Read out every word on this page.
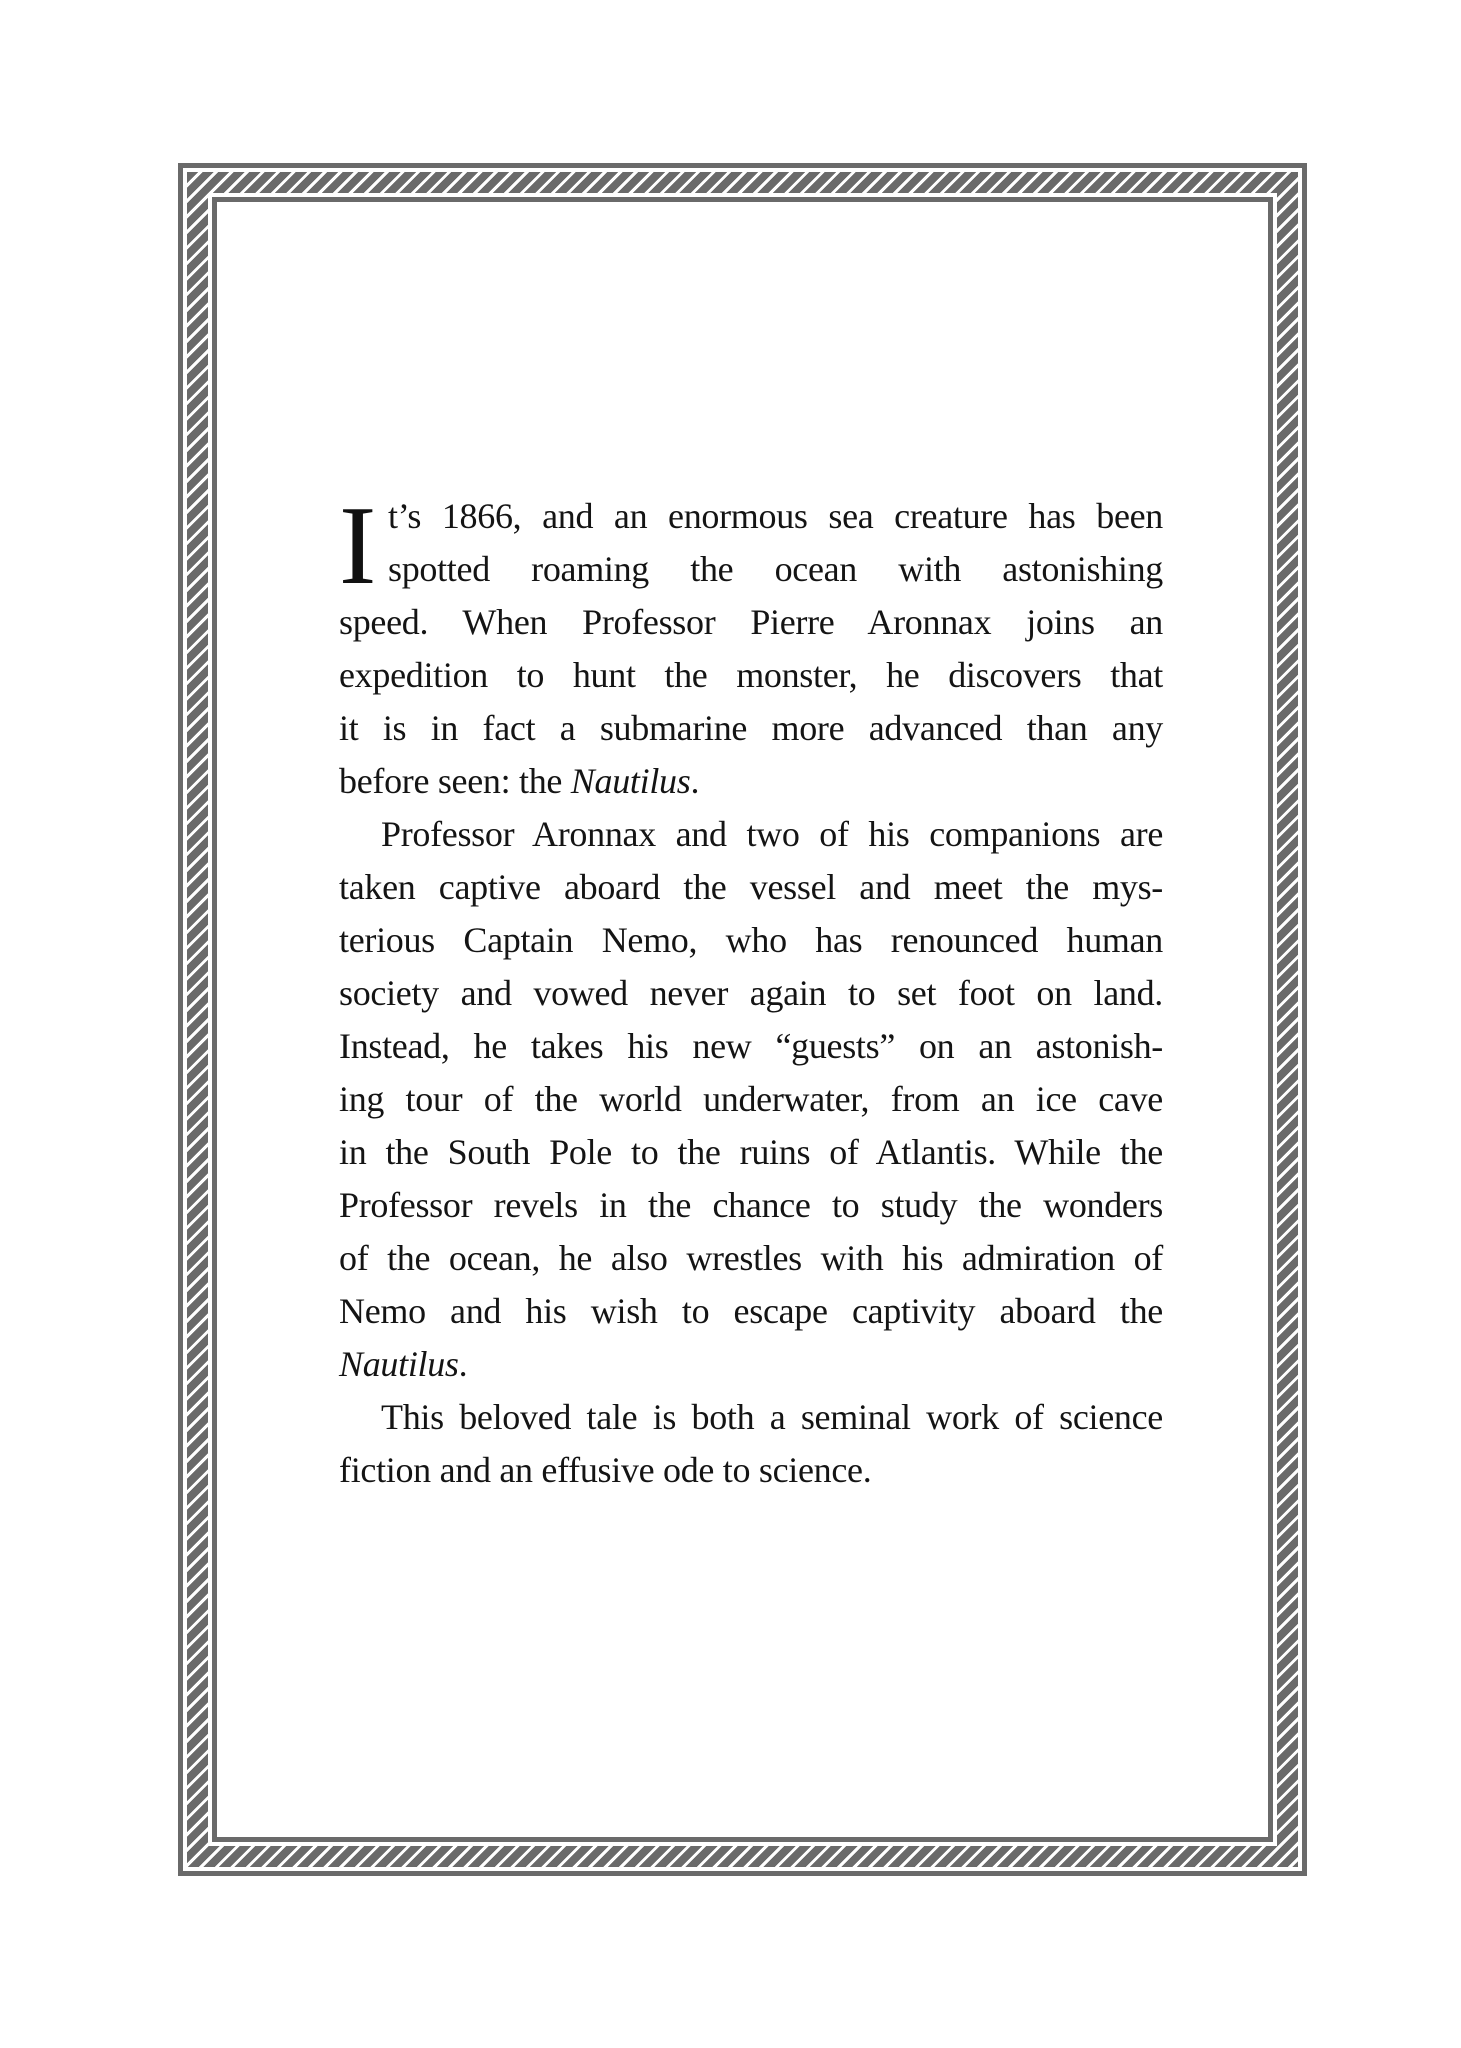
I t’s 1866, and an enormous sea creature has been
spotted roaming the ocean with astonishing
speed. When Professor Pierre Aronnax joins an
expedition to hunt the monster, he discovers that
it is in fact a submarine more advanced than any
before seen: the Nautilus.
Professor Aronnax and two of his companions are
taken captive aboard the vessel and meet the mys-
terious Captain Nemo, who has renounced human
society and vowed never again to set foot on land.
Instead, he takes his new “guests” on an astonish-
ing tour of the world underwater, from an ice cave
in the South Pole to the ruins of Atlantis. While the
Professor revels in the chance to study the wonders
of the ocean, he also wrestles with his admiration of
Nemo and his wish to escape captivity aboard the
Nautilus.
This beloved tale is both a seminal work of science
fiction and an effusive ode to science.
